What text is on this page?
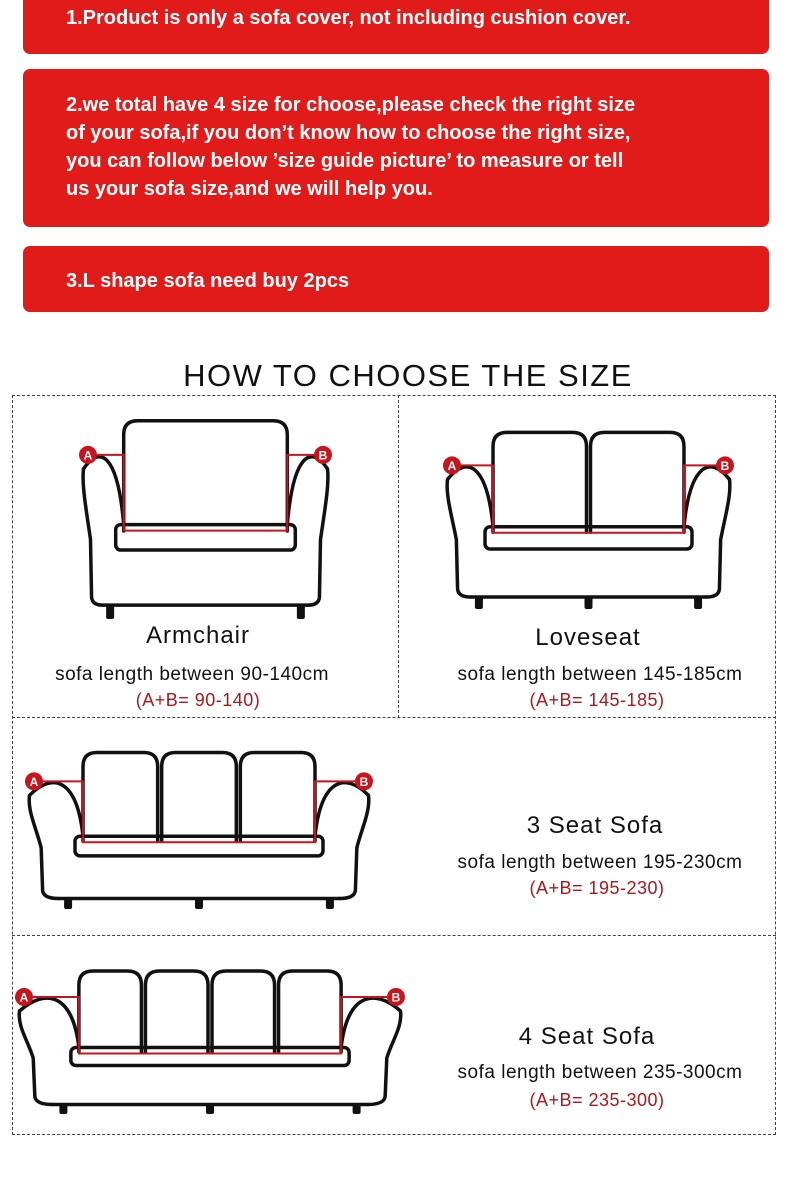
1.Product is only a sofa cover, not including cushion cover.
2.we total have 4 size for choose,please check the right size
of your sofa,if you don’t know how to choose the right size,
you can follow below ’size guide picture’ to measure or tell
us your sofa size,and we will help you.
3.L shape sofa need buy 2pcs
HOW TO CHOOSE THE SIZE
A	B
Armchair
sofa length between 90-140cm
(A+B= 90-140)
A	B
Loveseat
sofa length between 145-185cm
(A+B= 145-185)
A	B
3 Seat Sofa
sofa length between 195-230cm
(A+B= 195-230)
A	B
4 Seat Sofa
sofa length between 235-300cm
(A+B= 235-300)
